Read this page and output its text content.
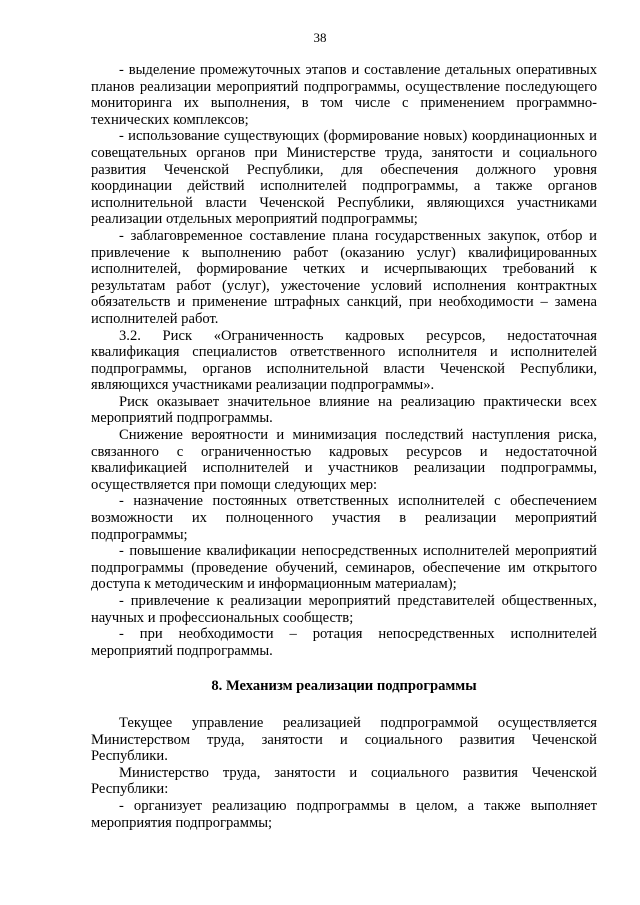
38

- выделение промежуточных этапов и составление детальных оперативных планов реализации мероприятий подпрограммы, осуществление последующего мониторинга их выполнения, в том числе с применением программно-технических комплексов;

- использование существующих (формирование новых) координационных и совещательных органов при Министерстве труда, занятости и социального развития Чеченской Республики, для обеспечения должного уровня координации действий исполнителей подпрограммы, а также органов исполнительной власти Чеченской Республики, являющихся участниками реализации отдельных мероприятий подпрограммы;

- заблаговременное составление плана государственных закупок, отбор и привлечение к выполнению работ (оказанию услуг) квалифицированных исполнителей, формирование четких и исчерпывающих требований к результатам работ (услуг), ужесточение условий исполнения контрактных обязательств и применение штрафных санкций, при необходимости – замена исполнителей работ.

3.2. Риск «Ограниченность кадровых ресурсов, недостаточная квалификация специалистов ответственного исполнителя и исполнителей подпрограммы, органов исполнительной власти Чеченской Республики, являющихся участниками реализации подпрограммы».

Риск оказывает значительное влияние на реализацию практически всех мероприятий подпрограммы.

Снижение вероятности и минимизация последствий наступления риска, связанного с ограниченностью кадровых ресурсов и недостаточной квалификацией исполнителей и участников реализации подпрограммы, осуществляется при помощи следующих мер:

- назначение постоянных ответственных исполнителей с обеспечением возможности их полноценного участия в реализации мероприятий подпрограммы;

- повышение квалификации непосредственных исполнителей мероприятий подпрограммы (проведение обучений, семинаров, обеспечение им открытого доступа к методическим и информационным материалам);

- привлечение к реализации мероприятий представителей общественных, научных и профессиональных сообществ;

- при необходимости – ротация непосредственных исполнителей мероприятий подпрограммы.

8. Механизм реализации подпрограммы

Текущее управление реализацией подпрограммой осуществляется Министерством труда, занятости и социального развития Чеченской Республики.

Министерство труда, занятости и социального развития Чеченской Республики:

- организует реализацию подпрограммы в целом, а также выполняет мероприятия подпрограммы;
